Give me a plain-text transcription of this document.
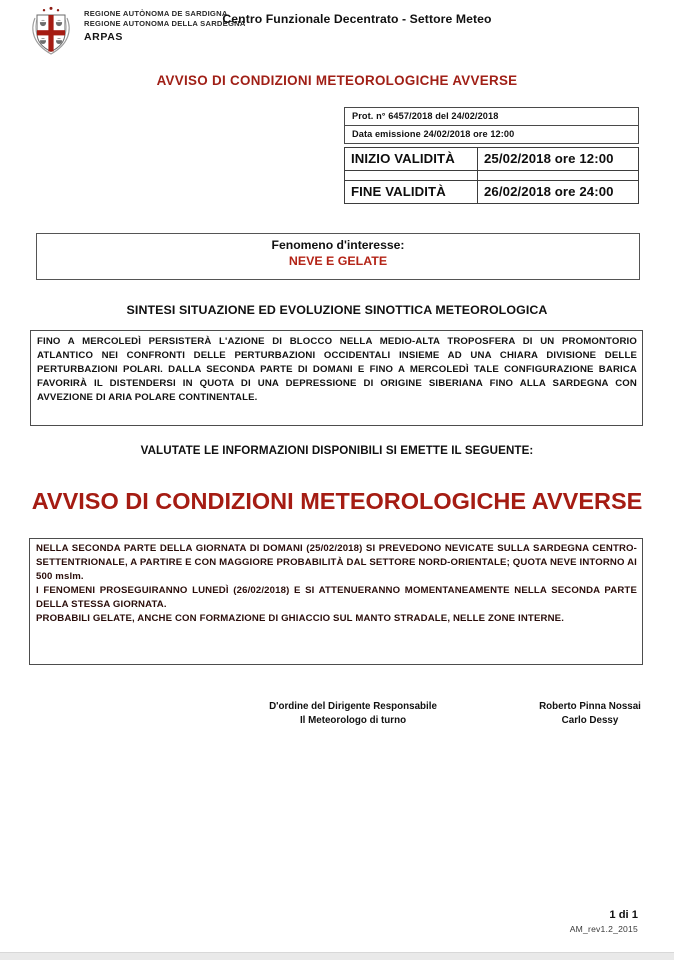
REGIONE AUTÒNOMA DE SARDIGNA
REGIONE AUTONOMA DELLA SARDEGNA
ARPAS
Centro Funzionale Decentrato - Settore Meteo
AVVISO DI CONDIZIONI METEOROLOGICHE AVVERSE
Prot. n° 6457/2018 del 24/02/2018
Data emissione 24/02/2018 ore 12:00
INIZIO VALIDITÀ	25/02/2018 ore 12:00

FINE VALIDITÀ	26/02/2018 ore 24:00
Fenomeno d'interesse:
NEVE E GELATE
SINTESI SITUAZIONE ED EVOLUZIONE SINOTTICA METEOROLOGICA

FINO A MERCOLEDÌ PERSISTERÀ L'AZIONE DI BLOCCO NELLA MEDIO-ALTA TROPOSFERA DI UN PROMONTORIO ATLANTICO NEI CONFRONTI DELLE PERTURBAZIONI OCCIDENTALI INSIEME AD UNA CHIARA DIVISIONE DELLE PERTURBAZIONI POLARI. DALLA SECONDA PARTE DI DOMANI E FINO A MERCOLEDÌ TALE CONFIGURAZIONE BARICA FAVORIRÀ IL DISTENDERSI IN QUOTA DI UNA DEPRESSIONE DI ORIGINE SIBERIANA FINO ALLA SARDEGNA CON AVVEZIONE DI ARIA POLARE CONTINENTALE.

VALUTATE LE INFORMAZIONI DISPONIBILI SI EMETTE IL SEGUENTE:
AVVISO DI CONDIZIONI METEOROLOGICHE AVVERSE

NELLA SECONDA PARTE DELLA GIORNATA DI DOMANI (25/02/2018) SI PREVEDONO NEVICATE SULLA SARDEGNA CENTRO-SETTENTRIONALE, A PARTIRE E CON MAGGIORE PROBABILITÀ DAL SETTORE NORD-ORIENTALE; QUOTA NEVE INTORNO AI 500 mslm.

I FENOMENI PROSEGUIRANNO LUNEDÌ (26/02/2018) E SI ATTENUERANNO MOMENTANEAMENTE NELLA SECONDA PARTE DELLA STESSA GIORNATA.

PROBABILI GELATE, ANCHE CON FORMAZIONE DI GHIACCIO SUL MANTO STRADALE, NELLE ZONE INTERNE.

D'ordine del Dirigente Responsabile
Il Meteorologo di turno
Roberto Pinna Nossai
Carlo Dessy
1 di 1
AM_rev1.2_2015
